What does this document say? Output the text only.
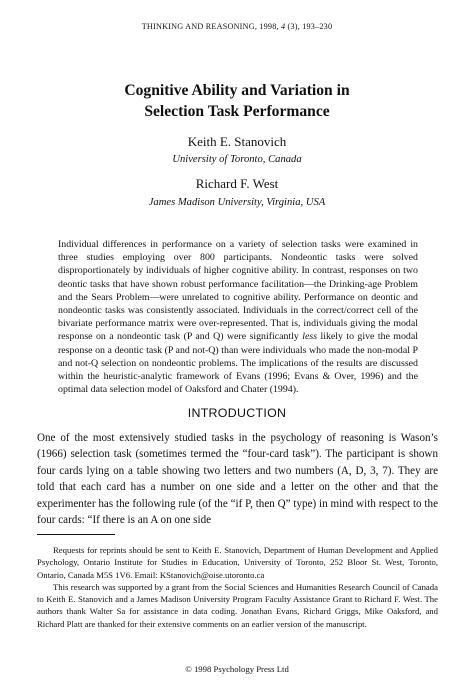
THINKING AND REASONING, 1998, 4 (3), 193–230
Cognitive Ability and Variation in
Selection Task Performance
Keith E. Stanovich
University of Toronto, Canada
Richard F. West
James Madison University, Virginia, USA

Individual differences in performance on a variety of selection tasks were examined in three studies employing over 800 participants. Nondeontic tasks were solved disproportionately by individuals of higher cognitive ability. In contrast, responses on two deontic tasks that have shown robust performance facilitation—the Drinking-age Problem and the Sears Problem—were unrelated to cognitive ability. Performance on deontic and nondeontic tasks was consistently associated. Individuals in the correct/correct cell of the bivariate performance matrix were over-represented. That is, individuals giving the modal response on a nondeontic task (P and Q) were significantly less likely to give the modal response on a deontic task (P and not-Q) than were individuals who made the non-modal P and not-Q selection on nondeontic problems. The implications of the results are discussed within the heuristic-analytic framework of Evans (1996; Evans & Over, 1996) and the optimal data selection model of Oaksford and Chater (1994).

INTRODUCTION

One of the most extensively studied tasks in the psychology of reasoning is Wason’s (1966) selection task (sometimes termed the “four-card task”). The participant is shown four cards lying on a table showing two letters and two numbers (A, D, 3, 7). They are told that each card has a number on one side and a letter on the other and that the experimenter has the following rule (of the “if P, then Q” type) in mind with respect to the four cards: “If there is an A on one side

Requests for reprints should be sent to Keith E. Stanovich, Department of Human Development and Applied Psychology, Ontario Institute for Studies in Education, University of Toronto, 252 Bloor St. West, Toronto, Ontario, Canada M5S 1V6. Email: KStanovich@oise.utoronto.ca

This research was supported by a grant from the Social Sciences and Humanities Research Council of Canada to Keith E. Stanovich and a James Madison University Program Faculty Assistance Grant to Richard F. West. The authors thank Walter Sa for assistance in data coding. Jonathan Evans, Richard Griggs, Mike Oaksford, and Richard Platt are thanked for their extensive comments on an earlier version of the manuscript.

© 1998 Psychology Press Ltd
